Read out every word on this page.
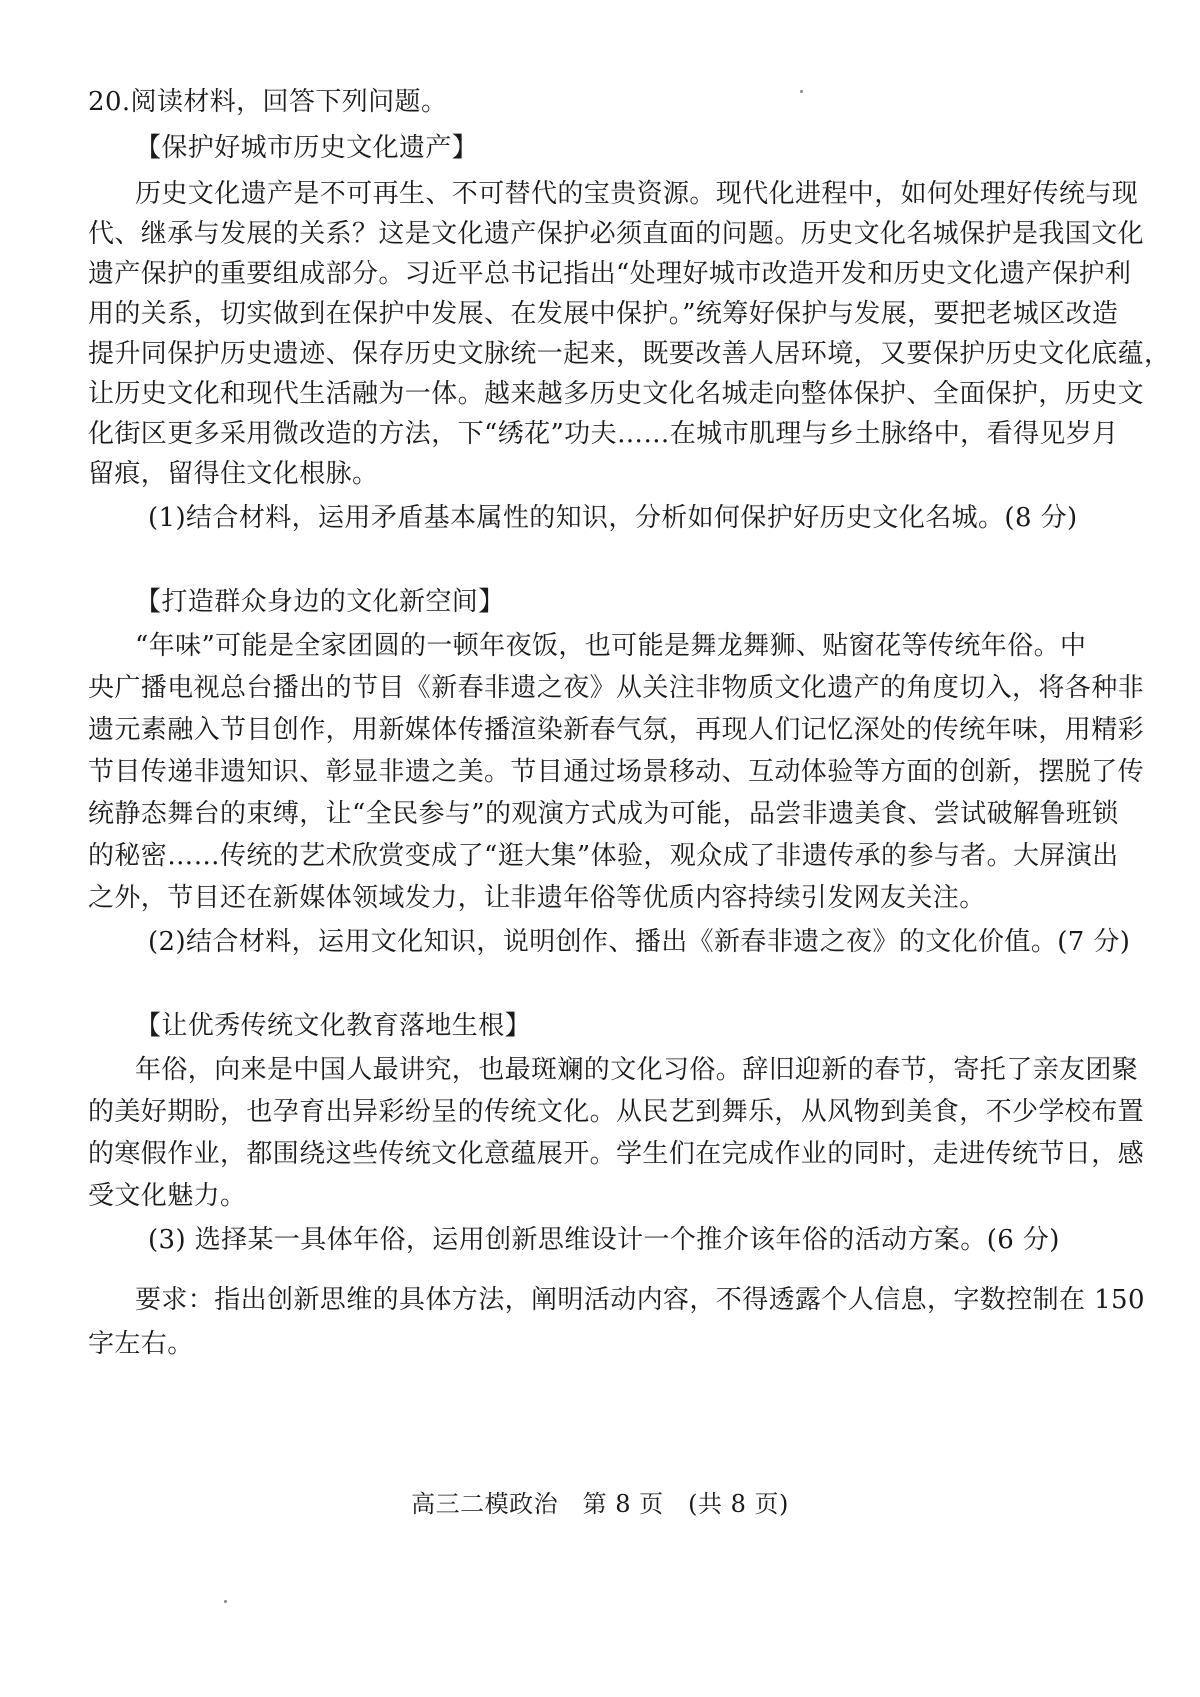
20.阅读材料，回答下列问题。
【保护好城市历史文化遗产】
历史文化遗产是不可再生、不可替代的宝贵资源。现代化进程中，如何处理好传统与现
代、继承与发展的关系？这是文化遗产保护必须直面的问题。历史文化名城保护是我国文化
遗产保护的重要组成部分。习近平总书记指出“处理好城市改造开发和历史文化遗产保护利
用的关系，切实做到在保护中发展、在发展中保护。”统筹好保护与发展，要把老城区改造
提升同保护历史遗迹、保存历史文脉统一起来，既要改善人居环境，又要保护历史文化底蕴，
让历史文化和现代生活融为一体。越来越多历史文化名城走向整体保护、全面保护，历史文
化街区更多采用微改造的方法，下“绣花”功夫……在城市肌理与乡土脉络中，看得见岁月
留痕，留得住文化根脉。
(1)结合材料，运用矛盾基本属性的知识，分析如何保护好历史文化名城。(8 分)
【打造群众身边的文化新空间】
“年味”可能是全家团圆的一顿年夜饭，也可能是舞龙舞狮、贴窗花等传统年俗。中
央广播电视总台播出的节目《新春非遗之夜》从关注非物质文化遗产的角度切入，将各种非
遗元素融入节目创作，用新媒体传播渲染新春气氛，再现人们记忆深处的传统年味，用精彩
节目传递非遗知识、彰显非遗之美。节目通过场景移动、互动体验等方面的创新，摆脱了传
统静态舞台的束缚，让“全民参与”的观演方式成为可能，品尝非遗美食、尝试破解鲁班锁
的秘密……传统的艺术欣赏变成了“逛大集”体验，观众成了非遗传承的参与者。大屏演出
之外，节目还在新媒体领域发力，让非遗年俗等优质内容持续引发网友关注。
(2)结合材料，运用文化知识，说明创作、播出《新春非遗之夜》的文化价值。(7 分)
【让优秀传统文化教育落地生根】
年俗，向来是中国人最讲究，也最斑斓的文化习俗。辞旧迎新的春节，寄托了亲友团聚
的美好期盼，也孕育出异彩纷呈的传统文化。从民艺到舞乐，从风物到美食，不少学校布置
的寒假作业，都围绕这些传统文化意蕴展开。学生们在完成作业的同时，走进传统节日，感
受文化魅力。
(3) 选择某一具体年俗，运用创新思维设计一个推介该年俗的活动方案。(6 分)
要求：指出创新思维的具体方法，阐明活动内容，不得透露个人信息，字数控制在 150
字左右。
高三二模政治　第 8 页　(共 8 页)
